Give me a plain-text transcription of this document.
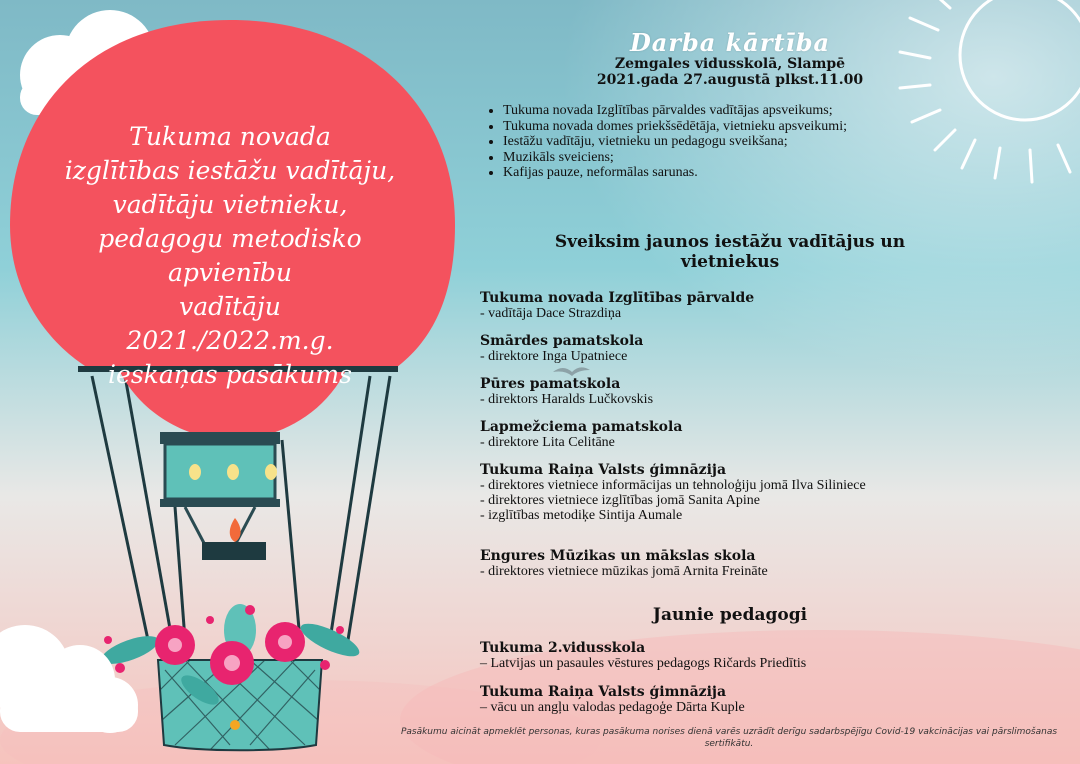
Tukuma novada
izglītības iestāžu vadītāju,
vadītāju vietnieku,
pedagogu metodisko apvienību
vadītāju
2021./2022.m.g.
ieskaņas pasākums
Darba kārtība
Zemgales vidusskolā, Slampē
2021.gada 27.augustā plkst.11.00
• Tukuma novada Izglītības pārvaldes vadītājas apsveikums;
• Tukuma novada domes priekšsēdētāja, vietnieku apsveikumi;
• Iestāžu vadītāju, vietnieku un pedagogu sveikšana;
• Muzikāls sveiciens;
• Kafijas pauze, neformālas sarunas.
Sveiksim jaunos iestāžu vadītājus un
vietniekus
Tukuma novada Izglītības pārvalde
- vadītāja Dace Strazdiņa
Smārdes pamatskola
- direktore Inga Upatniece
Pūres pamatskola
- direktors Haralds Lučkovskis
Lapmežciema pamatskola
- direktore Lita Celitāne
Tukuma Raiņa Valsts ģimnāzija
- direktores vietniece informācijas un tehnoloģiju jomā Ilva Siliniece
- direktores vietniece izglītības jomā Sanita Apine
- izglītības metodiķe Sintija Aumale
Engures Mūzikas un mākslas skola
- direktores vietniece mūzikas jomā Arnita Freināte
Jaunie pedagogi
Tukuma 2.vidusskola
– Latvijas un pasaules vēstures pedagogs Ričards Priedītis
Tukuma Raiņa Valsts ģimnāzija
– vācu un angļu valodas pedagoģe Dārta Kuple
Pasākumu aicināt apmeklēt personas, kuras pasākuma norises dienā varēs uzrādīt derīgu sadarbspējīgu Covid-19 vakcinācijas vai pārslimošanas sertifikātu.
